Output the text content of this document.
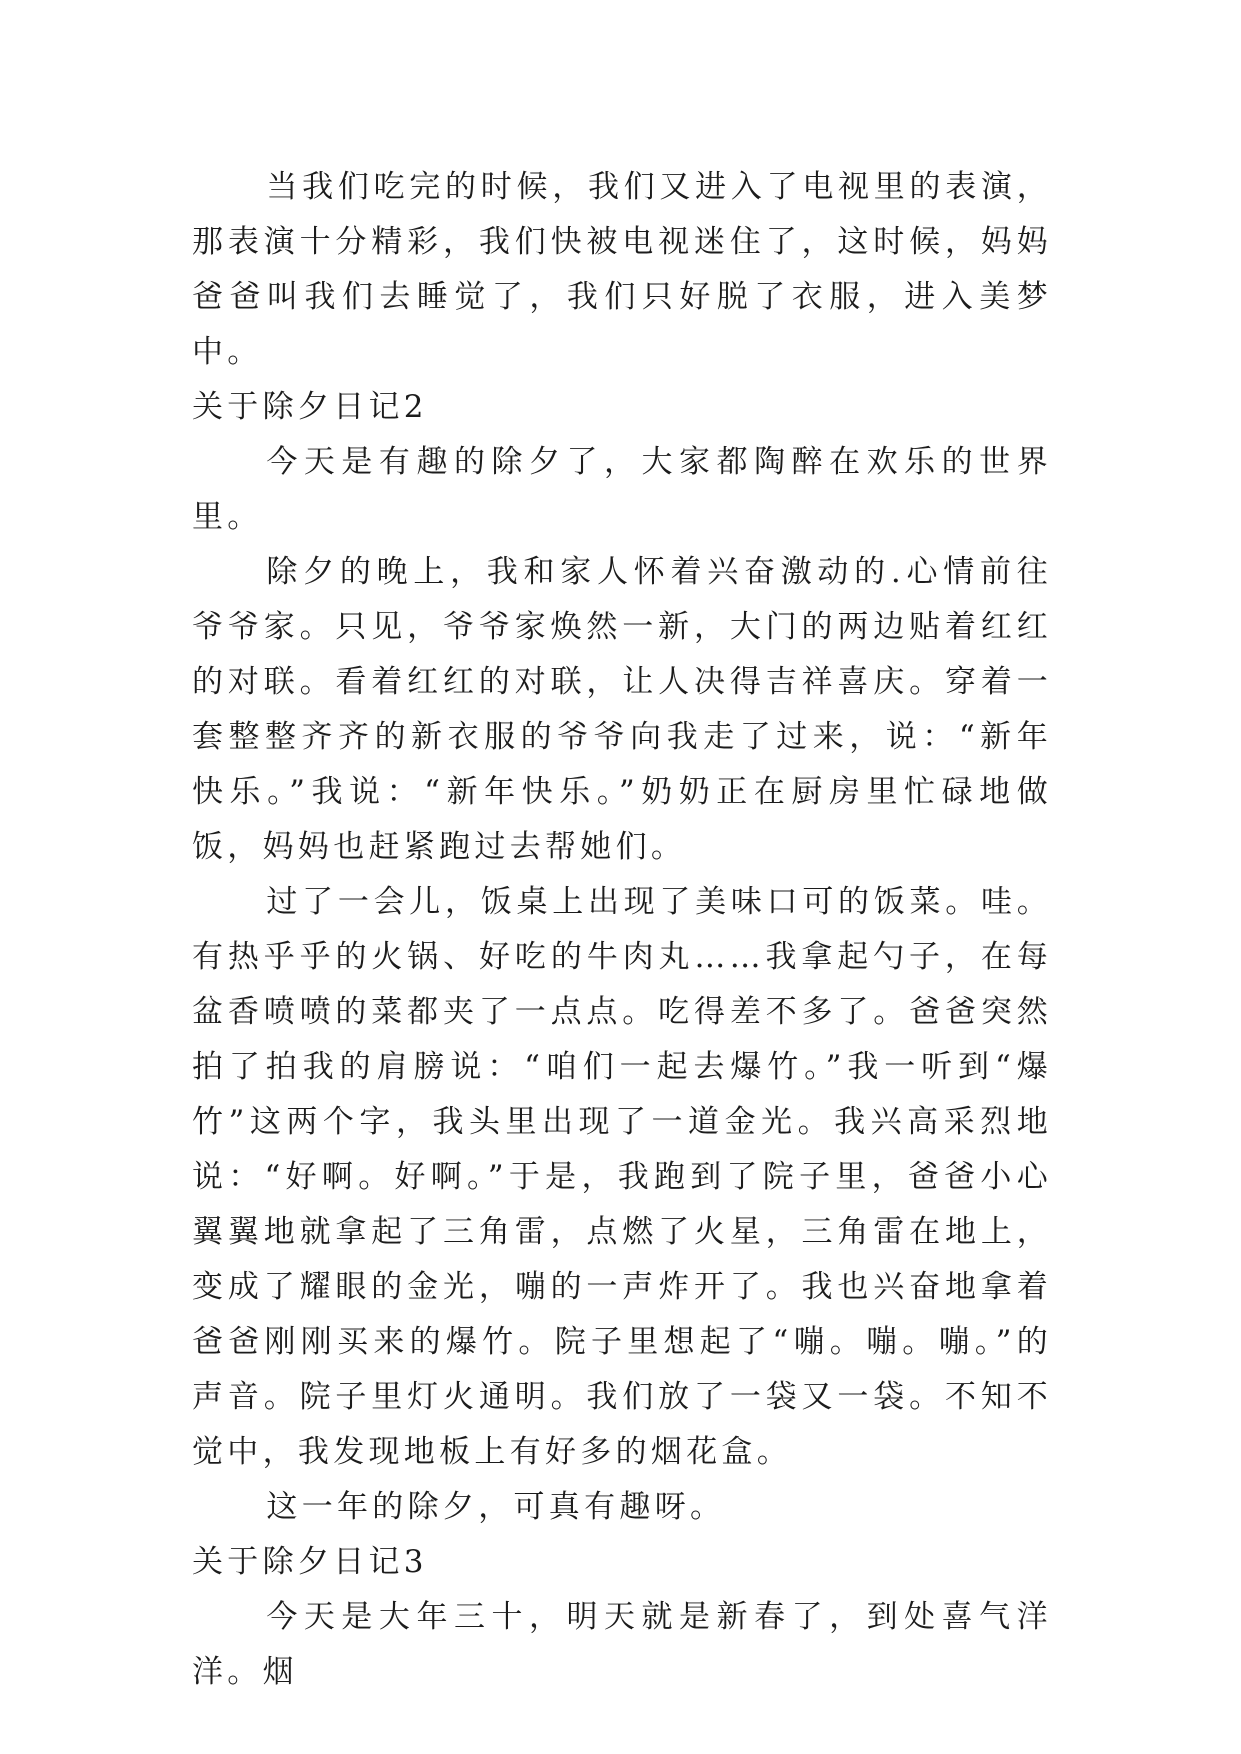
当我们吃完的时候，我们又进入了电视里的表演，那表演十分精彩，我们快被电视迷住了，这时候，妈妈爸爸叫我们去睡觉了，我们只好脱了衣服，进入美梦中。

关于除夕日记2

今天是有趣的除夕了，大家都陶醉在欢乐的世界里。

除夕的晚上，我和家人怀着兴奋激动的.心情前往爷爷家。只见，爷爷家焕然一新，大门的两边贴着红红的对联。看着红红的对联，让人决得吉祥喜庆。穿着一套整整齐齐的新衣服的爷爷向我走了过来，说：“新年快乐。”我说：“新年快乐。”奶奶正在厨房里忙碌地做饭，妈妈也赶紧跑过去帮她们。

过了一会儿，饭桌上出现了美味口可的饭菜。哇。有热乎乎的火锅、好吃的牛肉丸……我拿起勺子，在每盆香喷喷的菜都夹了一点点。吃得差不多了。爸爸突然拍了拍我的肩膀说：“咱们一起去爆竹。”我一听到“爆竹”这两个字，我头里出现了一道金光。我兴高采烈地说：“好啊。好啊。”于是，我跑到了院子里，爸爸小心翼翼地就拿起了三角雷，点燃了火星，三角雷在地上，变成了耀眼的金光，嘣的一声炸开了。我也兴奋地拿着爸爸刚刚买来的爆竹。院子里想起了“嘣。嘣。嘣。”的声音。院子里灯火通明。我们放了一袋又一袋。不知不觉中，我发现地板上有好多的烟花盒。

这一年的除夕，可真有趣呀。

关于除夕日记3

今天是大年三十，明天就是新春了，到处喜气洋洋。烟
